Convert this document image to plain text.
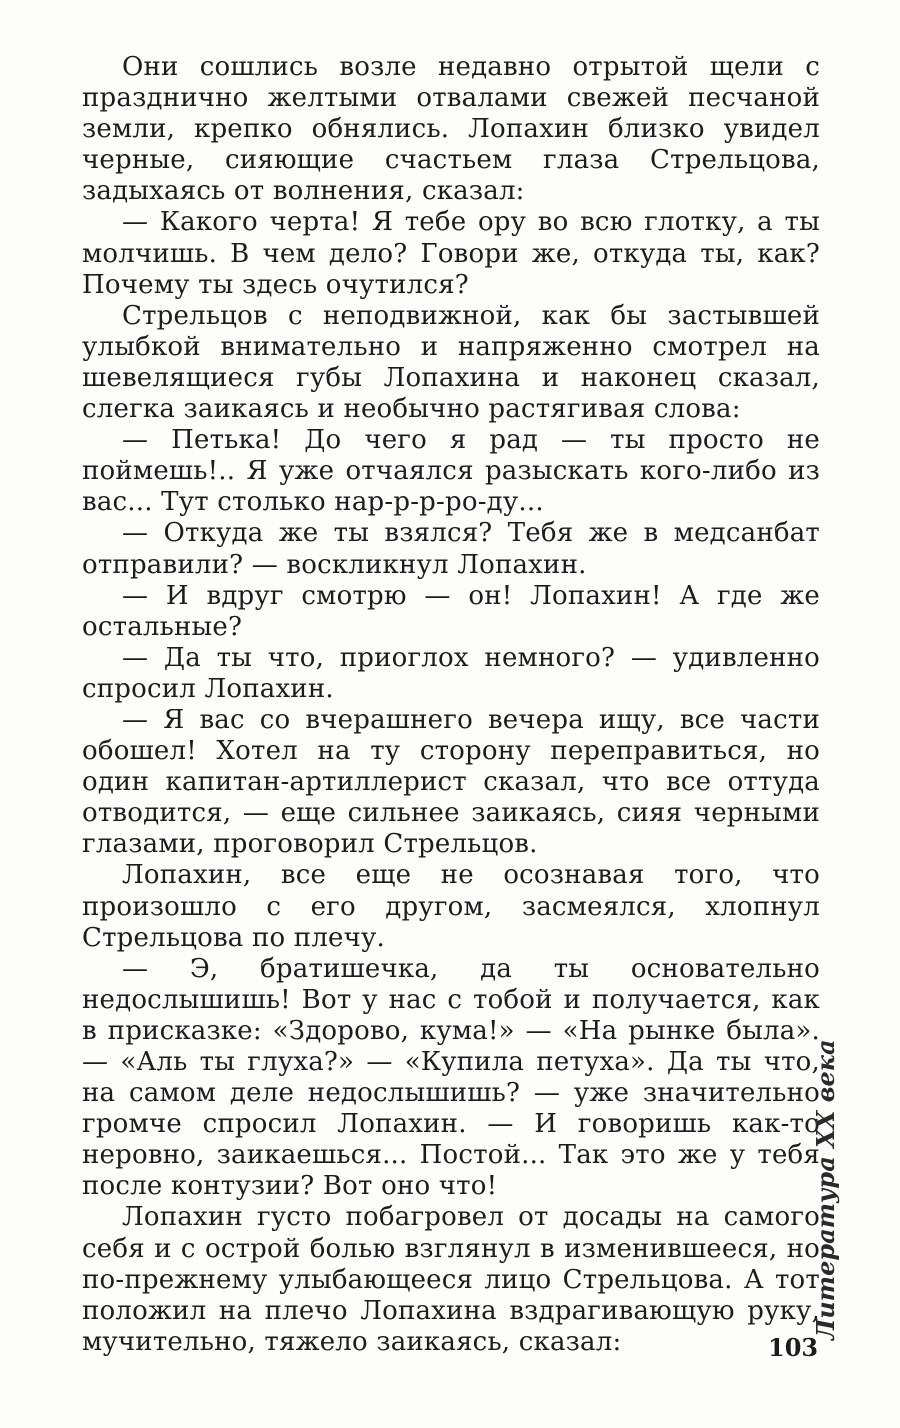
Они сошлись возле недавно отрытой щели с празднично желтыми отвалами свежей песчаной земли, крепко обнялись. Лопахин близко увидел черные, сияющие счастьем глаза Стрельцова, задыхаясь от волнения, сказал:

— Какого черта! Я тебе ору во всю глотку, а ты молчишь. В чем дело? Говори же, откуда ты, как? Почему ты здесь очутился?

Стрельцов с неподвижной, как бы застывшей улыбкой внимательно и напряженно смотрел на шевелящиеся губы Лопахина и наконец сказал, слегка заикаясь и необычно растягивая слова:

— Петька! До чего я рад — ты просто не поймешь!.. Я уже отчаялся разыскать кого-либо из вас... Тут столько нар-р-р-ро-ду...

— Откуда же ты взялся? Тебя же в медсанбат отправили? — воскликнул Лопахин.

— И вдруг смотрю — он! Лопахин! А где же остальные?

— Да ты что, приоглох немного? — удивленно спросил Лопахин.

— Я вас со вчерашнего вечера ищу, все части обошел! Хотел на ту сторону переправиться, но один капитан-артиллерист сказал, что все оттуда отводится, — еще сильнее заикаясь, сияя черными глазами, проговорил Стрельцов.

Лопахин, все еще не осознавая того, что произошло с его другом, засмеялся, хлопнул Стрельцова по плечу.

— Э, братишечка, да ты основательно недослышишь! Вот у нас с тобой и получается, как в присказке: «Здорово, кума!» — «На рынке была». — «Аль ты глуха?» — «Купила петуха». Да ты что, на самом деле недослышишь? — уже значительно громче спросил Лопахин. — И говоришь как-то неровно, заикаешься... Постой... Так это же у тебя после контузии? Вот оно что!

Лопахин густо побагровел от досады на самого себя и с острой болью взглянул в изменившееся, но по-прежнему улыбающееся лицо Стрельцова. А тот положил на плечо Лопахина вздрагивающую руку, мучительно, тяжело заикаясь, сказал:

Литература XX века
103
